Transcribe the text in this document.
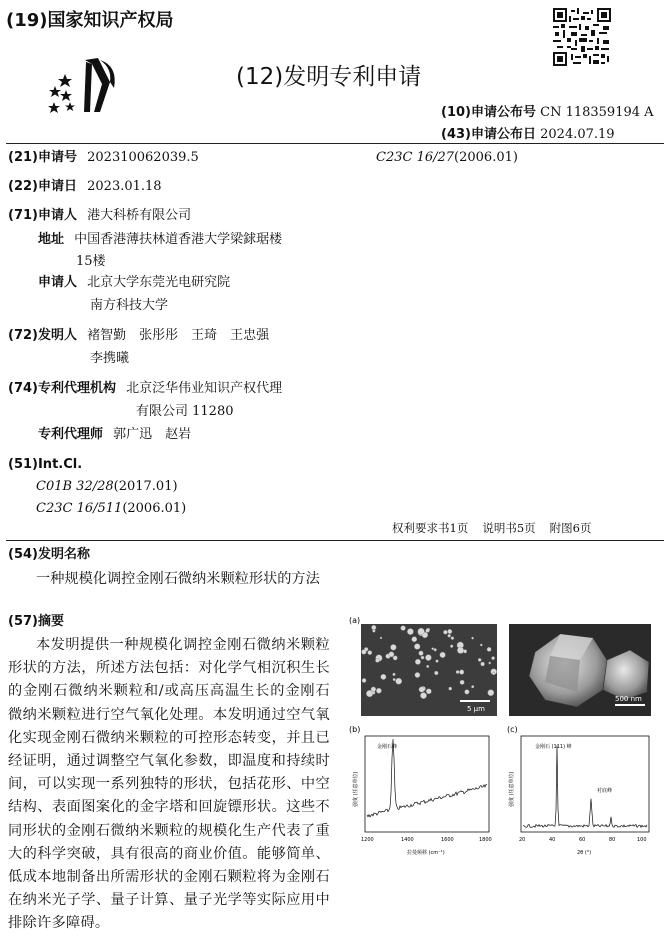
(19)国家知识产权局
(12)发明专利申请
(10)申请公布号 CN 118359194 A
(43)申请公布日 2024.07.19
(21)申请号 202310062039.5	C23C 16/27(2006.01)
(22)申请日 2023.01.18
(71)申请人 港大科桥有限公司
地址 中国香港薄扶林道香港大学梁銶琚楼
15楼
申请人 北京大学东莞光电研究院
南方科技大学
(72)发明人 褚智勤　张彤彤　王琦　王忠强
李携曦
(74)专利代理机构 北京泛华伟业知识产权代理
有限公司 11280
专利代理师 郭广迅　赵岩
(51)Int.Cl.
C01B 32/28(2017.01)
C23C 16/511(2006.01)
权利要求书1页 说明书5页 附图6页
(54)发明名称
一种规模化调控金刚石微纳米颗粒形状的方法
(57)摘要
本发明提供一种规模化调控金刚石微纳米颗粒形状的方法，所述方法包括：对化学气相沉积生长的金刚石微纳米颗粒和/或高压高温生长的金刚石微纳米颗粒进行空气氧化处理。本发明通过空气氧化实现金刚石微纳米颗粒的可控形态转变，并且已经证明，通过调整空气氧化参数，即温度和持续时间，可以实现一系列独特的形状，包括花形、中空结构、表面图案化的金字塔和回旋镖形状。这些不同形状的金刚石微纳米颗粒的规模化生产代表了重大的科学突破，具有很高的商业价值。能够简单、低成本地制备出所需形状的金刚石颗粒将为金刚石在纳米光子学、量子计算、量子光学等实际应用中排除许多障碍。
(a)
5 μm
500 nm
(b)
金刚石峰
强度 (任意单位)
拉曼频移 (cm⁻¹)
1200	1400	1600	1800
(c)
金刚石 (111) 峰
衬底峰
强度 (任意单位)
2θ (°)
20	40	60	80	100
